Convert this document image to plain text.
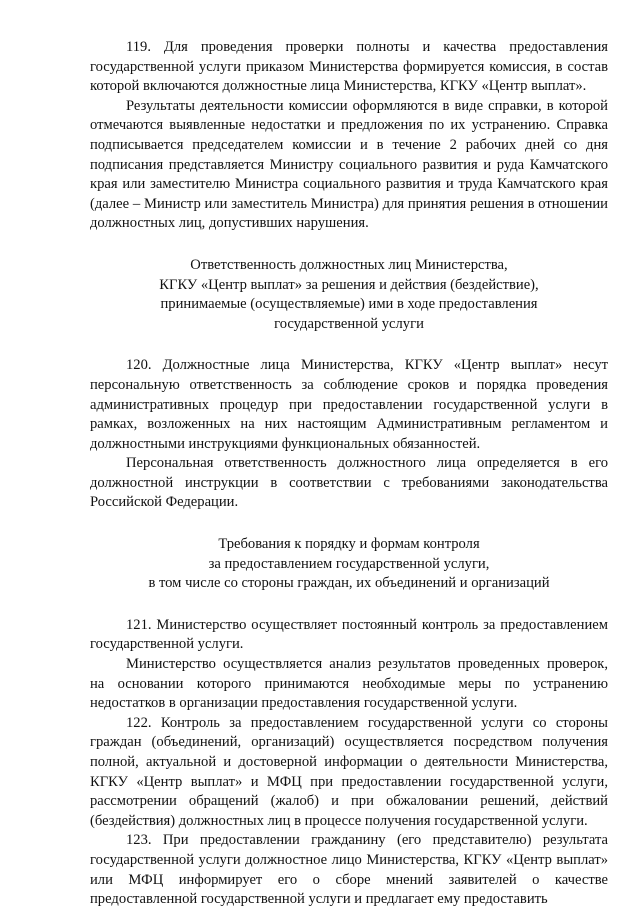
119. Для проведения проверки полноты и качества предоставления государственной услуги приказом Министерства формируется комиссия, в состав которой включаются должностные лица Министерства, КГКУ «Центр выплат».

Результаты деятельности комиссии оформляются в виде справки, в которой отмечаются выявленные недостатки и предложения по их устранению. Справка подписывается председателем комиссии и в течение 2 рабочих дней со дня подписания представляется Министру социального развития и руда Камчатского края или заместителю Министра социального развития и труда Камчатского края (далее – Министр или заместитель Министра) для принятия решения в отношении должностных лиц, допустивших нарушения.

Ответственность должностных лиц Министерства,

КГКУ «Центр выплат» за решения и действия (бездействие),

принимаемые (осуществляемые) ими в ходе предоставления

государственной услуги

120. Должностные лица Министерства, КГКУ «Центр выплат» несут персональную ответственность за соблюдение сроков и порядка проведения административных процедур при предоставлении государственной услуги в рамках, возложенных на них настоящим Административным регламентом и должностными инструкциями функциональных обязанностей.

Персональная ответственность должностного лица определяется в его должностной инструкции в соответствии с требованиями законодательства Российской Федерации.

Требования к порядку и формам контроля

за предоставлением государственной услуги,

в том числе со стороны граждан, их объединений и организаций

121. Министерство осуществляет постоянный контроль за предоставлением государственной услуги.

Министерство осуществляется анализ результатов проведенных проверок, на основании которого принимаются необходимые меры по устранению недостатков в организации предоставления государственной услуги.

122. Контроль за предоставлением государственной услуги со стороны граждан (объединений, организаций) осуществляется посредством получения полной, актуальной и достоверной информации о деятельности Министерства, КГКУ «Центр выплат» и МФЦ при предоставлении государственной услуги, рассмотрении обращений (жалоб) и при обжаловании решений, действий (бездействия) должностных лиц в процессе получения государственной услуги.

123. При предоставлении гражданину (его представителю) результата государственной услуги должностное лицо Министерства, КГКУ «Центр выплат» или МФЦ информирует его о сборе мнений заявителей о качестве предоставленной государственной услуги и предлагает ему предоставить
